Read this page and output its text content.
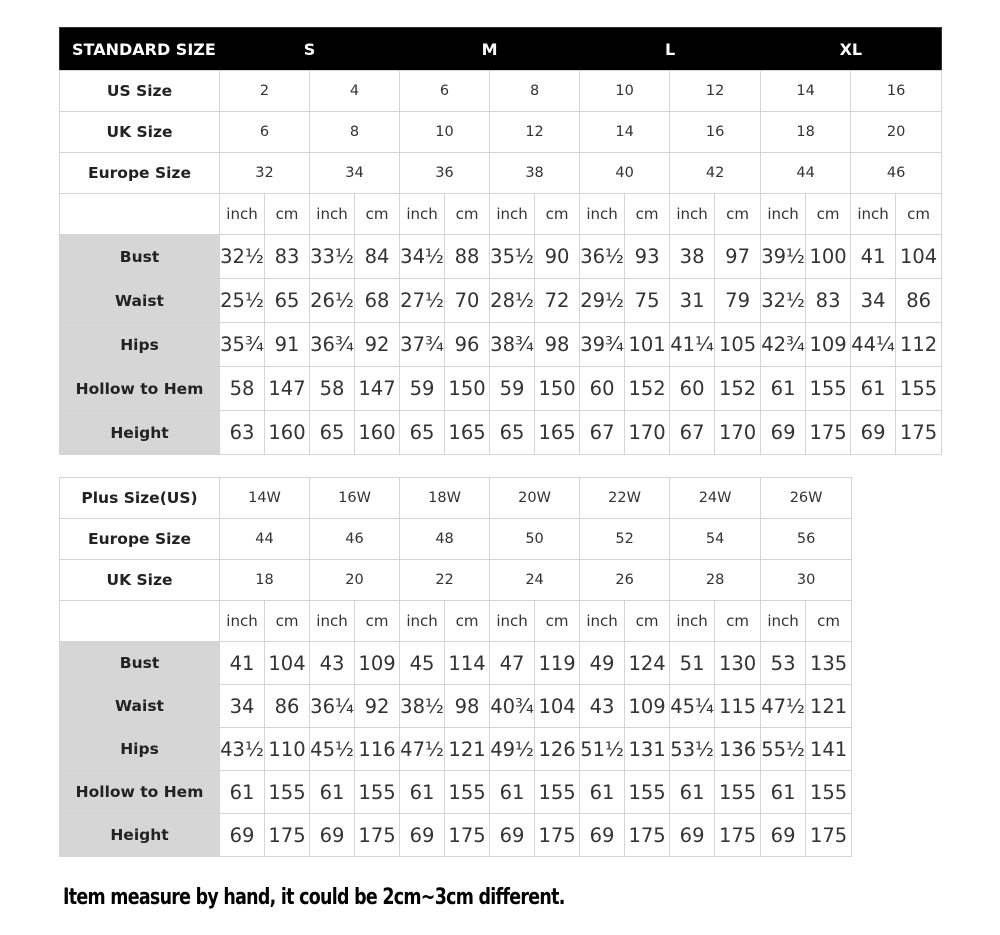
STANDARD SIZE	S				M				L				XL			
US Size	2		4		6		8		10		12		14		16	
UK Size	6		8		10		12		14		16		18		20	
Europe Size	32		34		36		38		40		42		44		46	
	inch	cm	inch	cm	inch	cm	inch	cm	inch	cm	inch	cm	inch	cm	inch	cm
Bust	32½	83	33½	84	34½	88	35½	90	36½	93	38	97	39½	100	41	104
Waist	25½	65	26½	68	27½	70	28½	72	29½	75	31	79	32½	83	34	86
Hips	35¾	91	36¾	92	37¾	96	38¾	98	39¾	101	41¼	105	42¾	109	44¼	112
Hollow to Hem	58	147	58	147	59	150	59	150	60	152	60	152	61	155	61	155
Height	63	160	65	160	65	165	65	165	67	170	67	170	69	175	69	175
Plus Size(US)	14W		16W		18W		20W		22W		24W		26W	
Europe Size	44		46		48		50		52		54		56	
UK Size	18		20		22		24		26		28		30	
	inch	cm	inch	cm	inch	cm	inch	cm	inch	cm	inch	cm	inch	cm
Bust	41	104	43	109	45	114	47	119	49	124	51	130	53	135
Waist	34	86	36¼	92	38½	98	40¾	104	43	109	45¼	115	47½	121
Hips	43½	110	45½	116	47½	121	49½	126	51½	131	53½	136	55½	141
Hollow to Hem	61	155	61	155	61	155	61	155	61	155	61	155	61	155
Height	69	175	69	175	69	175	69	175	69	175	69	175	69	175
Item measure by hand, it could be 2cm~3cm different.
